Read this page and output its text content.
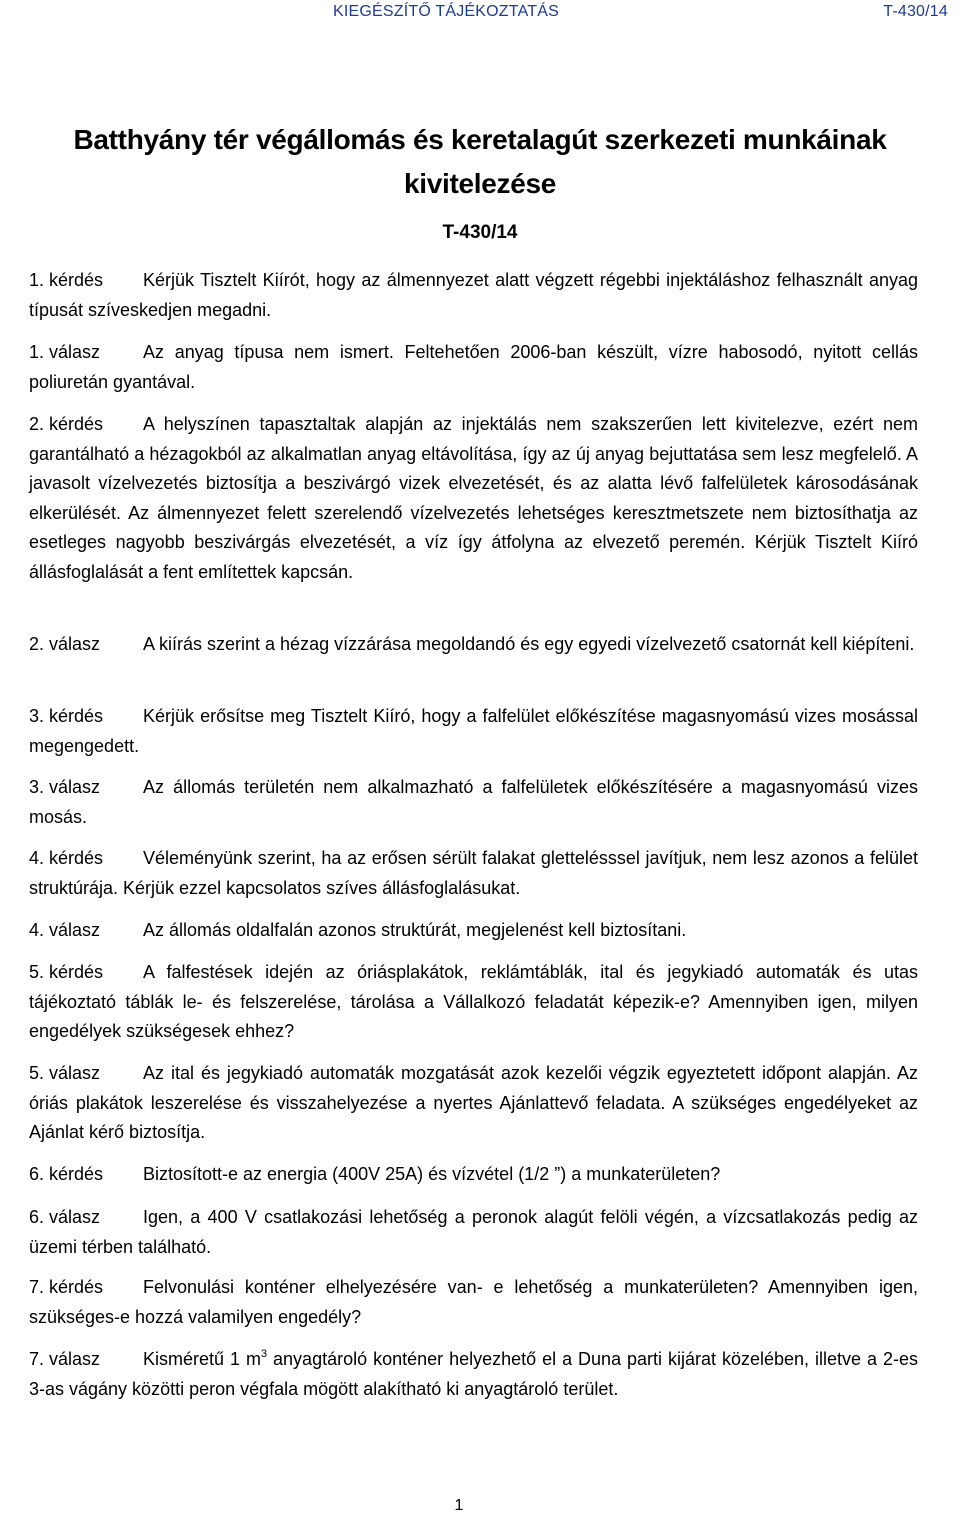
KIEGÉSZÍTŐ TÁJÉKOZTATÁS	T-430/14
Batthyány tér végállomás és keretalagút szerkezeti munkáinak kivitelezése
T-430/14

1. kérdés Kérjük Tisztelt Kiírót, hogy az álmennyezet alatt végzett régebbi injektáláshoz felhasznált anyag típusát szíveskedjen megadni.

1. válasz Az anyag típusa nem ismert. Feltehetően 2006-ban készült, vízre habosodó, nyitott cellás poliuretán gyantával.

2. kérdés A helyszínen tapasztaltak alapján az injektálás nem szakszerűen lett kivitelezve, ezért nem garantálható a hézagokból az alkalmatlan anyag eltávolítása, így az új anyag bejuttatása sem lesz megfelelő. A javasolt vízelvezetés biztosítja a beszivárgó vizek elvezetését, és az alatta lévő falfelületek károsodásának elkerülését. Az álmennyezet felett szerelendő vízelvezetés lehetséges keresztmetszete nem biztosíthatja az esetleges nagyobb beszivárgás elvezetését, a víz így átfolyna az elvezető peremén. Kérjük Tisztelt Kiíró állásfoglalását a fent említettek kapcsán.

2. válasz A kiírás szerint a hézag vízzárása megoldandó és egy egyedi vízelvezető csatornát kell kiépíteni.

3. kérdés Kérjük erősítse meg Tisztelt Kiíró, hogy a falfelület előkészítése magasnyomású vizes mosással megengedett.

3. válasz Az állomás területén nem alkalmazható a falfelületek előkészítésére a magasnyomású vizes mosás.

4. kérdés Véleményünk szerint, ha az erősen sérült falakat glettelésssel javítjuk, nem lesz azonos a felület struktúrája. Kérjük ezzel kapcsolatos szíves állásfoglalásukat.

4. válasz Az állomás oldalfalán azonos struktúrát, megjelenést kell biztosítani.

5. kérdés A falfestések idején az óriásplakátok, reklámtáblák, ital és jegykiadó automaták és utas tájékoztató táblák le- és felszerelése, tárolása a Vállalkozó feladatát képezik-e? Amennyiben igen, milyen engedélyek szükségesek ehhez?

5. válasz Az ital és jegykiadó automaták mozgatását azok kezelői végzik egyeztetett időpont alapján. Az óriás plakátok leszerelése és visszahelyezése a nyertes Ajánlattevő feladata. A szükséges engedélyeket az Ajánlat kérő biztosítja.

6. kérdés Biztosított-e az energia (400V 25A) és vízvétel (1/2 ”) a munkaterületen?

6. válasz Igen, a 400 V csatlakozási lehetőség a peronok alagút felöli végén, a vízcsatlakozás pedig az üzemi térben található.

7. kérdés Felvonulási konténer elhelyezésére van- e lehetőség a munkaterületen? Amennyiben igen, szükséges-e hozzá valamilyen engedély?

7. válasz Kisméretű 1 $m^3$ anyagtároló konténer helyezhető el a Duna parti kijárat közelében, illetve a 2-es 3-as vágány közötti peron végfala mögött alakítható ki anyagtároló terület.

1
